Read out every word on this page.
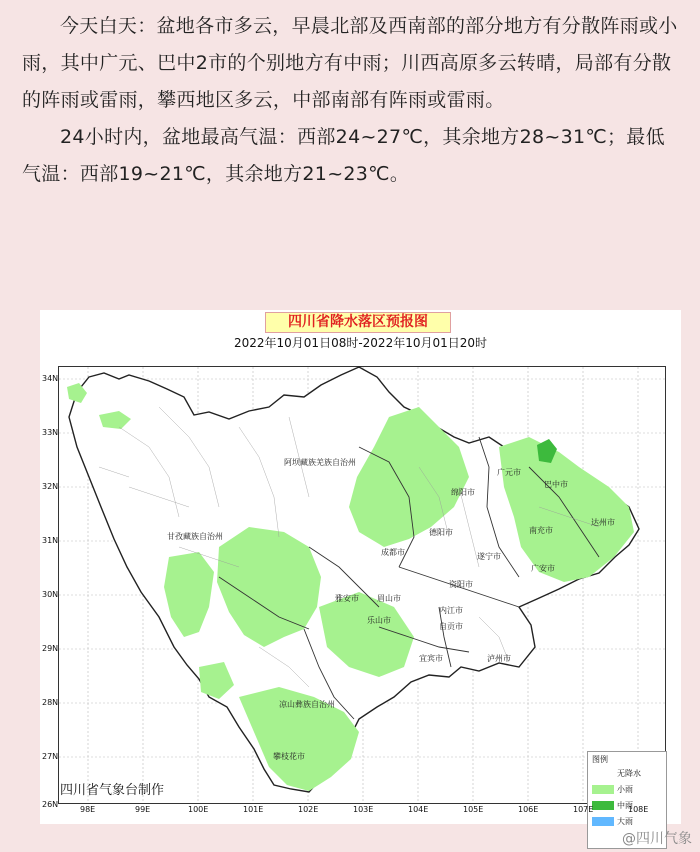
今天白天：盆地各市多云，早晨北部及西南部的部分地方有分散阵雨或小雨，其中广元、巴中2市的个别地方有中雨；川西高原多云转晴，局部有分散的阵雨或雷雨，攀西地区多云，中部南部有阵雨或雷雨。

24小时内，盆地最高气温：西部24~27℃，其余地方28~31℃；最低气温：西部19~21℃，其余地方21~23℃。

四川省降水落区预报图
2022年10月01日08时-2022年10月01日20时
阿坝藏族羌族自治州
广元市
巴中市
绵阳市
达州市
南充市
德阳市
甘孜藏族自治州
成都市	遂宁市
广安市
雅安市
资阳市
眉山市
内江市
乐山市
自贡市
宜宾市	泸州市
凉山彝族自治州
攀枝花市	图例
无降水
小雨
中雨
大雨
34N
33N
32N
31N
30N
29N
28N
27N
26N
98E	99E	100E	101E	102E	103E	104E	105E	106E	107E	108E
四川省气象台制作
@四川气象
